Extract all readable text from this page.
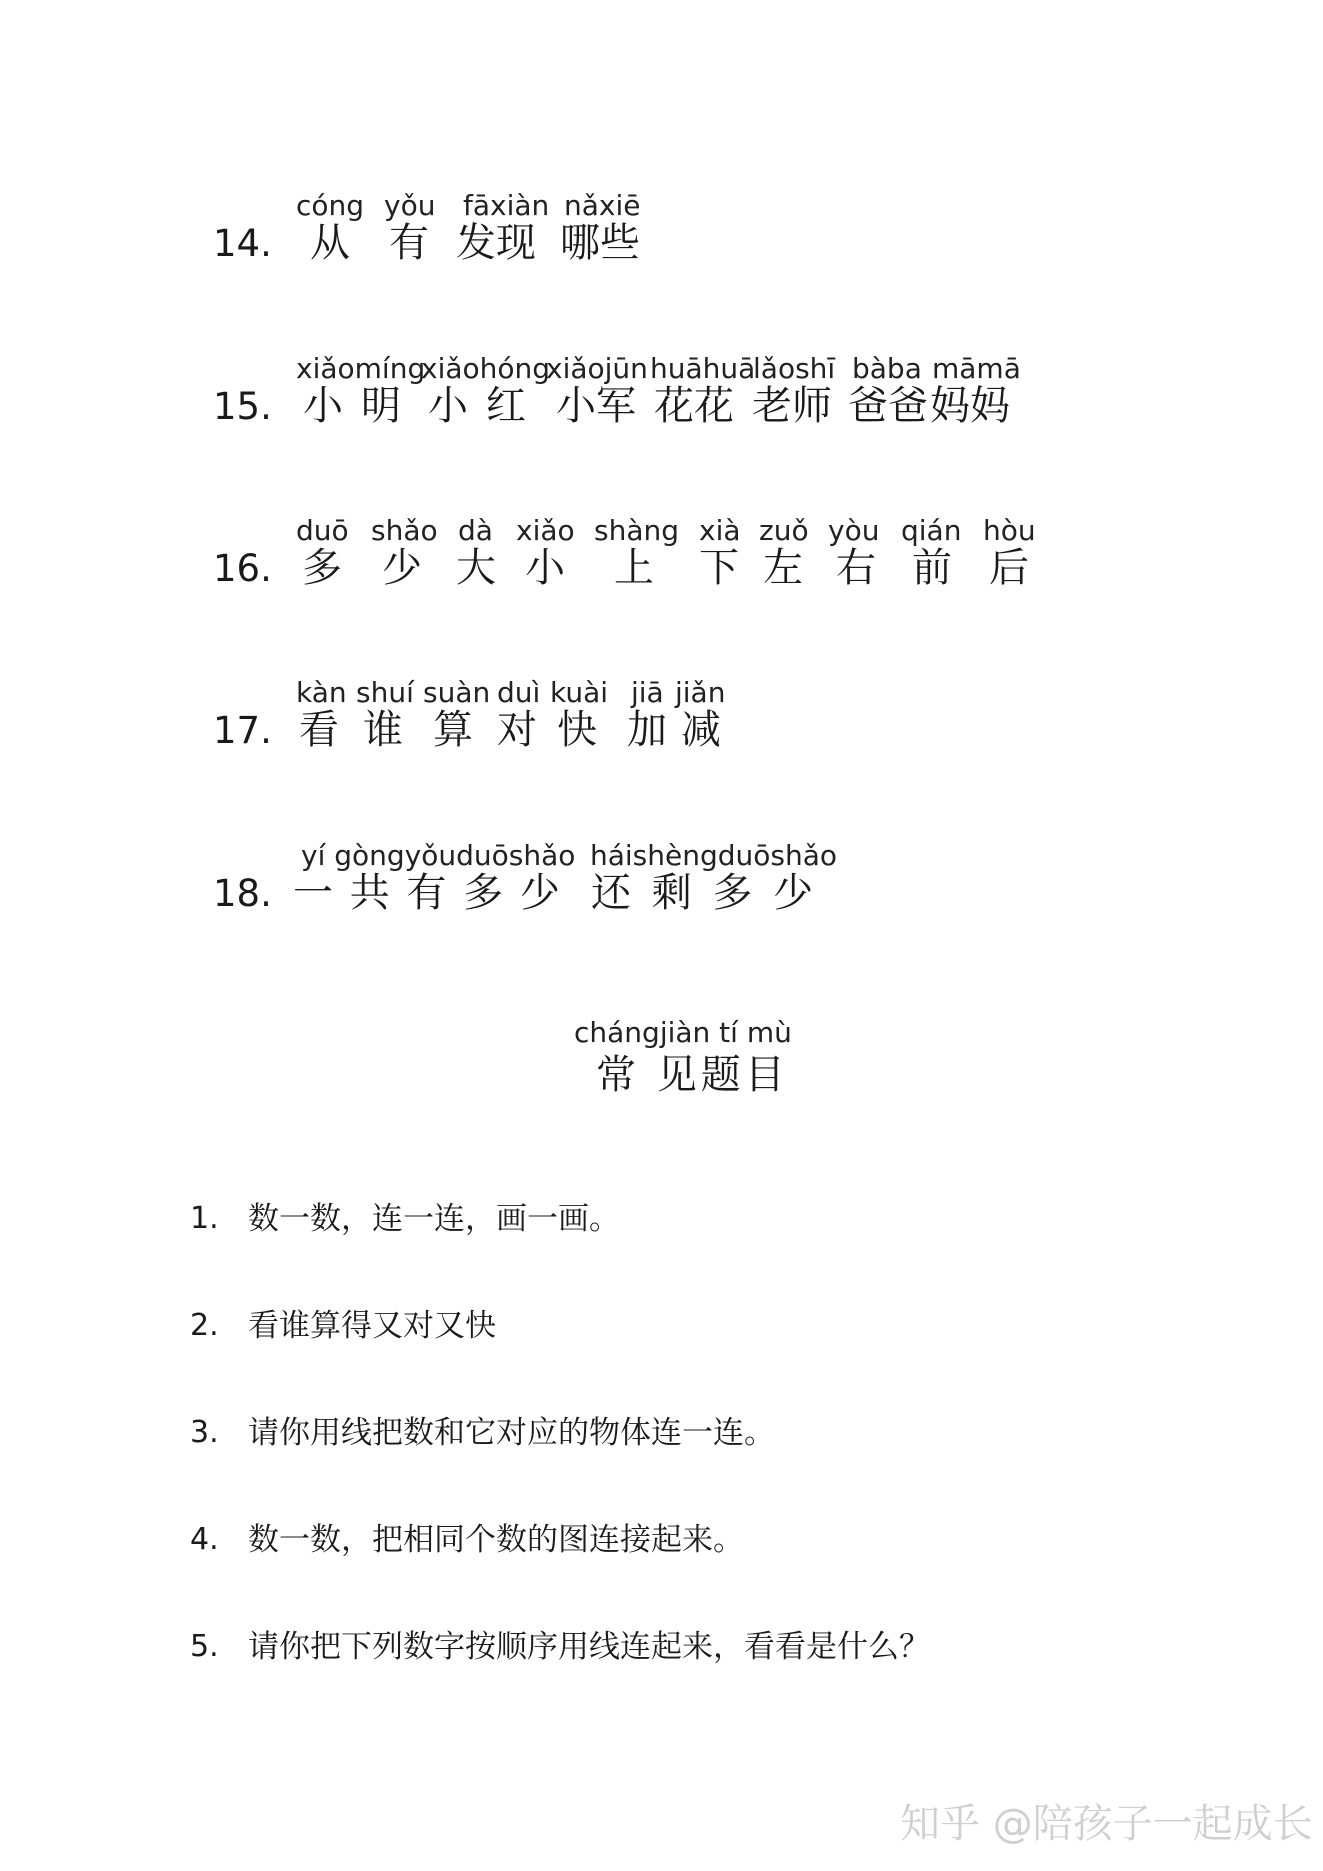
14.
cóng yǒu fāxiàn nǎxiē
从 有 发现 哪些
15.
xiǎomíng
xiǎohóng
xiǎojūn huāhuā
lǎoshī bàba māmā
小明 小红 小军 花花 老师 爸爸 妈妈
16.
duō shǎo dà xiǎo shàng xià zuǒ yòu qián hòu
多 少 大 小 上 下 左 右 前 后
17.
kàn shuí suàn duì kuài jiā jiǎn
看 谁 算 对 快 加 减
18.
yí gòngyǒuduōshǎo háishèngduōshǎo
一 共 有 多 少 还 剩 多 少
chángjiàn tí mù
常 见题目
1. 数一数，连一连，画一画。
2. 看谁算得又对又快
3. 请你用线把数和它对应的物体连一连。
4. 数一数，把相同个数的图连接起来。
5. 请你把下列数字按顺序用线连起来，看看是什么？
知乎 @陪孩子一起成长
